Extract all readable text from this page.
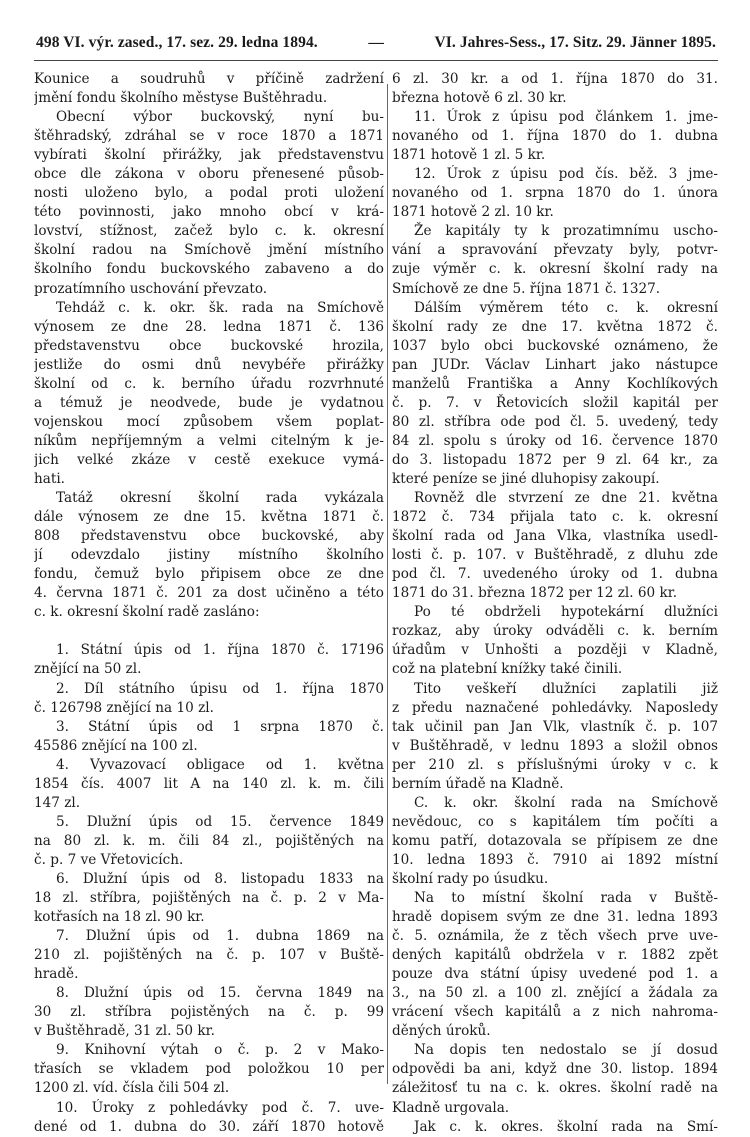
498 VI. výr. zased., 17. sez. 29. ledna 1894.	—	VI. Jahres-Sess., 17. Sitz. 29. Jänner 1895.
Kounice a soudruhů v příčině zadržení
jmění fondu školního městyse Buštěhradu.
Obecní výbor buckovský, nyní bu-
štěhradský, zdráhal se v roce 1870 a 1871
vybírati školní přirážky, jak představenstvu
obce dle zákona v oboru přenesené působ-
nosti uloženo bylo, a podal proti uložení
této povinnosti, jako mnoho obcí v krá-
lovství, stížnost, začež bylo c. k. okresní
školní radou na Smíchově jmění místního
školního fondu buckovského zabaveno a do
prozatímního uschování převzato.
Tehdáž c. k. okr. šk. rada na Smíchově
výnosem ze dne 28. ledna 1871 č. 136
představenstvu obce buckovské hrozila,
jestliže do osmi dnů nevybéře přirážky
školní od c. k. berního úřadu rozvrhnuté
a témuž je neodvede, bude je vydatnou
vojenskou mocí způsobem všem poplat-
níkům nepříjemným a velmi citelným k je-
jich velké zkáze v cestě exekuce vymá-
hati.
Tatáž okresní školní rada vykázala
dále výnosem ze dne 15. května 1871 č.
808 představenstvu obce buckovské, aby
jí odevzdalo jistiny místního školního
fondu, čemuž bylo připisem obce ze dne
4. června 1871 č. 201 za dost učiněno a této
c. k. okresní školní radě zasláno:
1. Státní úpis od 1. října 1870 č. 17196
znějící na 50 zl.
2. Díl státního úpisu od 1. října 1870
č. 126798 znějící na 10 zl.
3. Státní úpis od 1 srpna 1870 č.
45586 znějící na 100 zl.
4. Vyvazovací obligace od 1. května
1854 čís. 4007 lit A na 140 zl. k. m. čili
147 zl.
5. Dlužní úpis od 15. července 1849
na 80 zl. k. m. čili 84 zl., pojištěných na
č. p. 7 ve Vřetovicích.
6. Dlužní úpis od 8. listopadu 1833 na
18 zl. stříbra, pojištěných na č. p. 2 v Ma-
kotřasích na 18 zl. 90 kr.
7. Dlužní úpis od 1. dubna 1869 na
210 zl. pojištěných na č. p. 107 v Buště-
hradě.
8. Dlužní úpis od 15. června 1849 na
30 zl. stříbra pojistěných na č. p. 99
v Buštěhradě, 31 zl. 50 kr.
9. Knihovní výtah o č. p. 2 v Mako-
třasích se vkladem pod položkou 10 per
1200 zl. víd. čísla čili 504 zl.
10. Úroky z pohledávky pod č. 7. uve-
dené od 1. dubna do 30. září 1870 hotově
6 zl. 30 kr. a od 1. října 1870 do 31.
března hotově 6 zl. 30 kr.
11. Úrok z úpisu pod článkem 1. jme-
novaného od 1. října 1870 do 1. dubna
1871 hotově 1 zl. 5 kr.
12. Úrok z úpisu pod čís. běž. 3 jme-
novaného od 1. srpna 1870 do 1. února
1871 hotově 2 zl. 10 kr.
Že kapitály ty k prozatimnímu uscho-
vání a spravování převzaty byly, potvr-
zuje výměr c. k. okresní školní rady na
Smíchově ze dne 5. října 1871 č. 1327.
Dálším výměrem této c. k. okresní
školní rady ze dne 17. května 1872 č.
1037 bylo obci buckovské oznámeno, že
pan JUDr. Václav Linhart jako nástupce
manželů Františka a Anny Kochlíkových
č. p. 7. v Řetovicích složil kapitál per
80 zl. stříbra ode pod čl. 5. uvedený, tedy
84 zl. spolu s úroky od 16. července 1870
do 3. listopadu 1872 per 9 zl. 64 kr., za
které peníze se jiné dluhopisy zakoupí.
Rovněž dle stvrzení ze dne 21. května
1872 č. 734 přijala tato c. k. okresní
školní rada od Jana Vlka, vlastníka usedl-
losti č. p. 107. v Buštěhradě, z dluhu zde
pod čl. 7. uvedeného úroky od 1. dubna
1871 do 31. března 1872 per 12 zl. 60 kr.
Po té obdrželi hypotekární dlužníci
rozkaz, aby úroky odváděli c. k. berním
úřadům v Unhošti a později v Kladně,
což na platební knížky také činili.
Tito veškeří dlužníci zaplatili již
z předu naznačené pohledávky. Naposledy
tak učinil pan Jan Vlk, vlastník č. p. 107
v Buštěhradě, v lednu 1893 a složil obnos
per 210 zl. s příslušnými úroky v c. k
berním úřadě na Kladně.
C. k. okr. školní rada na Smíchově
nevědouc, co s kapitálem tím počíti a
komu patří, dotazovala se přípisem ze dne
10. ledna 1893 č. 7910 ai 1892 místní
školní rady po úsudku.
Na to místní školní rada v Buště-
hradě dopisem svým ze dne 31. ledna 1893
č. 5. oznámila, že z těch všech prve uve-
dených kapitálů obdržela v r. 1882 zpět
pouze dva státní úpisy uvedené pod 1. a
3., na 50 zl. a 100 zl. znějící a žádala za
vrácení všech kapitálů a z nich nahroma-
děných úroků.
Na dopis ten nedostalo se jí dosud
odpovědi ba ani, když dne 30. listop. 1894
záležitosť tu na c. k. okres. školní radě na
Kladně urgovala.
Jak c. k. okres. školní rada na Smí-
